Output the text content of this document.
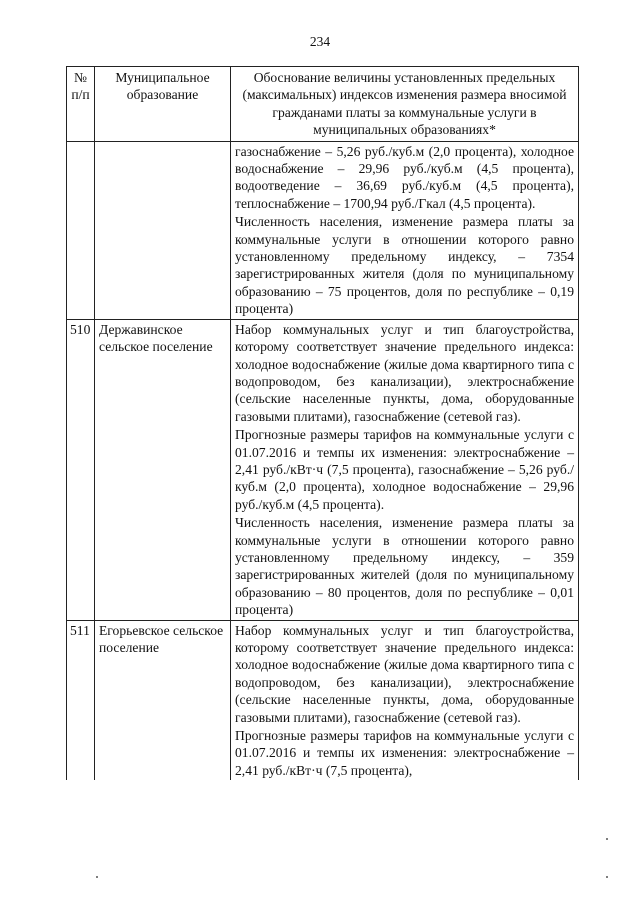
234
№ п/п	Муниципальное образование	Обоснование величины установленных предельных (максимальных) индексов изменения размера вносимой гражданами платы за коммунальные услуги в муниципальных образованиях*

		газоснабжение – 5,26 руб./куб.м (2,0 процента), холодное водоснабжение – 29,96 руб./куб.м (4,5 процента), водоотведение – 36,69 руб./куб.м (4,5 процента), теплоснабжение – 1700,94 руб./Гкал (4,5 процента).

Численность населения, изменение размера платы за коммунальные услуги в отношении которого равно установленному предельному индексу, – 7354 зарегистрированных жителя (доля по муниципальному образованию – 75 процентов, доля по республике – 0,19 процента)

510	Державинское сельское поселение	Набор коммунальных услуг и тип благоустройства, которому соответствует значение предельного индекса: холодное водоснабжение (жилые дома квартирного типа с водопроводом, без канализации), электроснабжение (сельские населенные пункты, дома, оборудованные газовыми плитами), газоснабжение (сетевой газ).

Прогнозные размеры тарифов на коммунальные услуги с 01.07.2016 и темпы их изменения: электроснабжение – 2,41 руб./кВт·ч (7,5 процента), газоснабжение – 5,26 руб./куб.м (2,0 процента), холодное водоснабжение – 29,96 руб./куб.м (4,5 процента).

Численность населения, изменение размера платы за коммунальные услуги в отношении которого равно установленному предельному индексу, – 359 зарегистрированных жителей (доля по муниципальному образованию – 80 процентов, доля по республике – 0,01 процента)

511	Егорьевское сельское поселение	Набор коммунальных услуг и тип благоустройства, которому соответствует значение предельного индекса: холодное водоснабжение (жилые дома квартирного типа с водопроводом, без канализации), электроснабжение (сельские населенные пункты, дома, оборудованные газовыми плитами), газоснабжение (сетевой газ).

Прогнозные размеры тарифов на коммунальные услуги с 01.07.2016 и темпы их изменения: электроснабжение – 2,41 руб./кВт·ч (7,5 процента),
